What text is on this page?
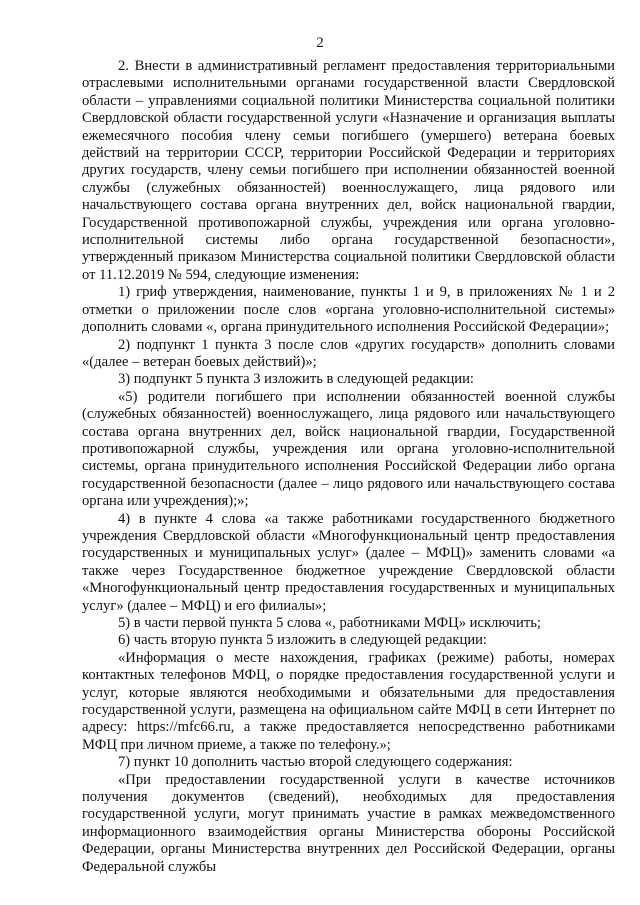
2

2. Внести в административный регламент предоставления территориальными отраслевыми исполнительными органами государственной власти Свердловской области – управлениями социальной политики Министерства социальной политики Свердловской области государственной услуги «Назначение и организация выплаты ежемесячного пособия члену семьи погибшего (умершего) ветерана боевых действий на территории СССР, территории Российской Федерации и территориях других государств, члену семьи погибшего при исполнении обязанностей военной службы (служебных обязанностей) военнослужащего, лица рядового или начальствующего состава органа внутренних дел, войск национальной гвардии, Государственной противопожарной службы, учреждения или органа уголовно-исполнительной системы либо органа государственной безопасности», утвержденный приказом Министерства социальной политики Свердловской области от 11.12.2019 № 594, следующие изменения:

1) гриф утверждения, наименование, пункты 1 и 9, в приложениях № 1 и 2 отметки о приложении после слов «органа уголовно-исполнительной системы» дополнить словами «, органа принудительного исполнения Российской Федерации»;

2) подпункт 1 пункта 3 после слов «других государств» дополнить словами «(далее – ветеран боевых действий)»;

3) подпункт 5 пункта 3 изложить в следующей редакции:

«5) родители погибшего при исполнении обязанностей военной службы (служебных обязанностей) военнослужащего, лица рядового или начальствующего состава органа внутренних дел, войск национальной гвардии, Государственной противопожарной службы, учреждения или органа уголовно-исполнительной системы, органа принудительного исполнения Российской Федерации либо органа государственной безопасности (далее – лицо рядового или начальствующего состава органа или учреждения);»;

4) в пункте 4 слова «а также работниками государственного бюджетного учреждения Свердловской области «Многофункциональный центр предоставления государственных и муниципальных услуг» (далее – МФЦ)» заменить словами «а также через Государственное бюджетное учреждение Свердловской области «Многофункциональный центр предоставления государственных и муниципальных услуг» (далее – МФЦ) и его филиалы»;

5) в части первой пункта 5 слова «, работниками МФЦ» исключить;

6) часть вторую пункта 5 изложить в следующей редакции:

«Информация о месте нахождения, графиках (режиме) работы, номерах контактных телефонов МФЦ, о порядке предоставления государственной услуги и услуг, которые являются необходимыми и обязательными для предоставления государственной услуги, размещена на официальном сайте МФЦ в сети Интернет по адресу: https://mfc66.ru, а также предоставляется непосредственно работниками МФЦ при личном приеме, а также по телефону.»;

7) пункт 10 дополнить частью второй следующего содержания:

«При предоставлении государственной услуги в качестве источников получения документов (сведений), необходимых для предоставления государственной услуги, могут принимать участие в рамках межведомственного информационного взаимодействия органы Министерства обороны Российской Федерации, органы Министерства внутренних дел Российской Федерации, органы Федеральной службы
